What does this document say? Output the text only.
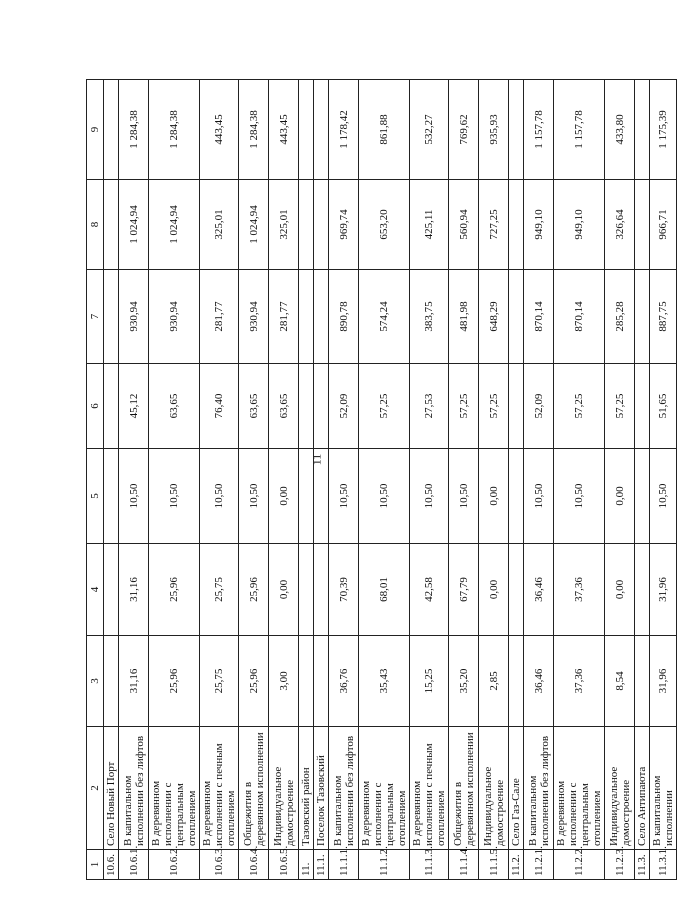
11
1	2	3	4	5	6	7	8	9
10.6.	Село Новый Порт							
10.6.1.	В капитальном исполнении без лифтов	31,16	31,16	10,50	45,12	930,94	1 024,94	1 284,38
10.6.2.	В деревянном исполнении с центральным отоплением	25,96	25,96	10,50	63,65	930,94	1 024,94	1 284,38
10.6.3.	В деревянном исполнении с печным отоплением	25,75	25,75	10,50	76,40	281,77	325,01	443,45
10.6.4.	Общежития в деревянном исполнении	25,96	25,96	10,50	63,65	930,94	1 024,94	1 284,38
10.6.5.	Индивидуальное домостроение	3,00	0,00	0,00	63,65	281,77	325,01	443,45
11.	Тазовский район							
11.1.	Поселок Тазовский							
11.1.1.	В капитальном исполнении без лифтов	36,76	70,39	10,50	52,09	890,78	969,74	1 178,42
11.1.2.	В деревянном исполнении с центральным отоплением	35,43	68,01	10,50	57,25	574,24	653,20	861,88
11.1.3.	В деревянном исполнении с печным отоплением	15,25	42,58	10,50	27,53	383,75	425,11	532,27
11.1.4.	Общежития в деревянном исполнении	35,20	67,79	10,50	57,25	481,98	560,94	769,62
11.1.5.	Индивидуальное домостроение	2,85	0,00	0,00	57,25	648,29	727,25	935,93
11.2.	Село Газ-Сале							
11.2.1.	В капитальном исполнении без лифтов	36,46	36,46	10,50	52,09	870,14	949,10	1 157,78
11.2.2.	В деревянном исполнении с центральным отоплением	37,36	37,36	10,50	57,25	870,14	949,10	1 157,78
11.2.3.	Индивидуальное домостроение	8,54	0,00	0,00	57,25	285,28	326,64	433,80
11.3.	Село Антипаюта							
11.3.1.	В капитальном исполнении	31,96	31,96	10,50	51,65	887,75	966,71	1 175,39
